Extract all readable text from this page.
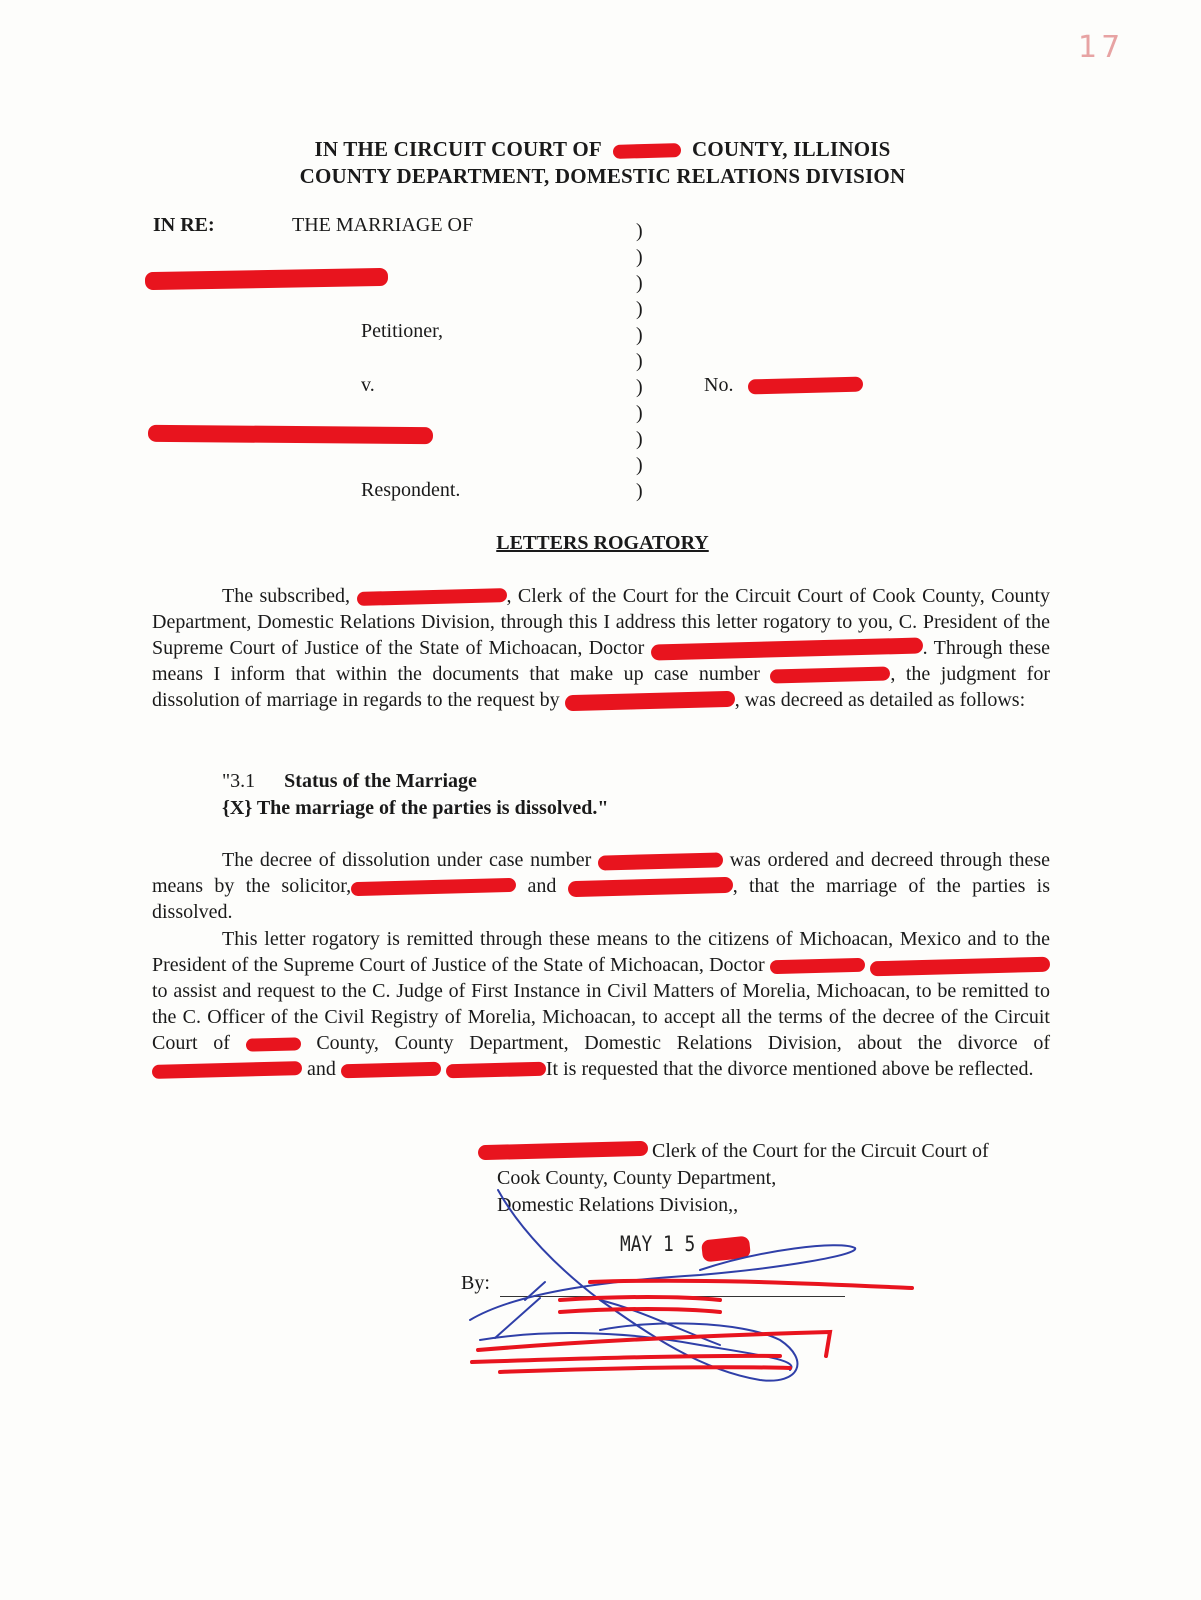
17
IN THE CIRCUIT COURT OF	COUNTY, ILLINOIS
COUNTY DEPARTMENT, DOMESTIC RELATIONS DIVISION
IN RE:	THE MARRIAGE OF
Petitioner,
v.
Respondent.
)
)
)
)
)
)
)
)
)
)
)
No.
LETTERS ROGATORY

The subscribed,	, Clerk of the Court for the Circuit Court of Cook County, County Department, Domestic Relations Division, through this I address this letter rogatory to you, C. President of the Supreme Court of Justice of the State of Michoacan, Doctor	. Through these means I inform that within the documents that make up case number	, the judgment for dissolution of marriage in regards to the request by	, was decreed as detailed as follows:

"3.1 Status of the Marriage
{X} The marriage of the parties is dissolved."

The decree of dissolution under case number	was ordered and decreed through these means by the solicitor,	and	, that the marriage of the parties is dissolved.

This letter rogatory is remitted through these means to the citizens of Michoacan, Mexico and to the President of the Supreme Court of Justice of the State of Michoacan, Doctor  to assist and request to the C. Judge of First Instance in Civil Matters of Morelia, Michoacan, to be remitted to the C. Officer of the Civil Registry of Morelia, Michoacan, to accept all the terms of the decree of the Circuit Court of	County, County Department, Domestic Relations Division, about the divorce of  and	It is requested that the divorce mentioned above be reflected.

Clerk of the Court for the Circuit Court of
Cook County, County Department,
Domestic Relations Division,,
MAY 1 5
By:
